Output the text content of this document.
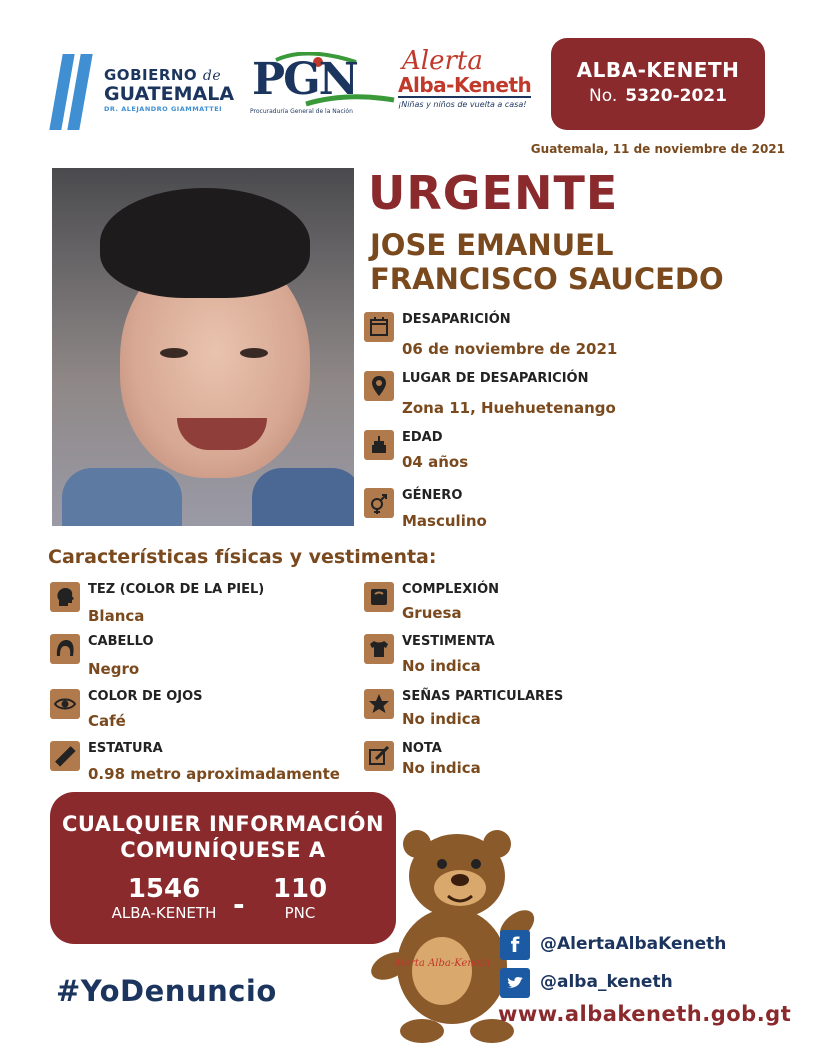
GOBIERNO de
GUATEMALA
DR. ALEJANDRO GIAMMATTEI
PGN
Procuraduría General de la Nación
Alerta
Alba-Keneth
¡Niñas y niños de vuelta a casa!
ALBA-KENETH
No. 5320-2021
Guatemala, 11 de noviembre de 2021
URGENTE
JOSE EMANUEL
FRANCISCO SAUCEDO
DESAPARICIÓN
06 de noviembre de 2021
LUGAR DE DESAPARICIÓN
Zona 11, Huehuetenango
EDAD
04 años
GÉNERO
Masculino
Características físicas y vestimenta:
TEZ (COLOR DE LA PIEL)
Blanca
CABELLO
Negro
COLOR DE OJOS
Café
ESTATURA
0.98 metro aproximadamente
COMPLEXIÓN
Gruesa
VESTIMENTA
No indica
SEÑAS PARTICULARES
No indica
NOTA
No indica
CUALQUIER INFORMACIÓN
COMUNÍQUESE A
1546
ALBA-KENETH
110
PNC
-
#YoDenuncio
Alerta Alba-Keneth
f	@AlertaAlbaKeneth
@alba_keneth
www.albakeneth.gob.gt
